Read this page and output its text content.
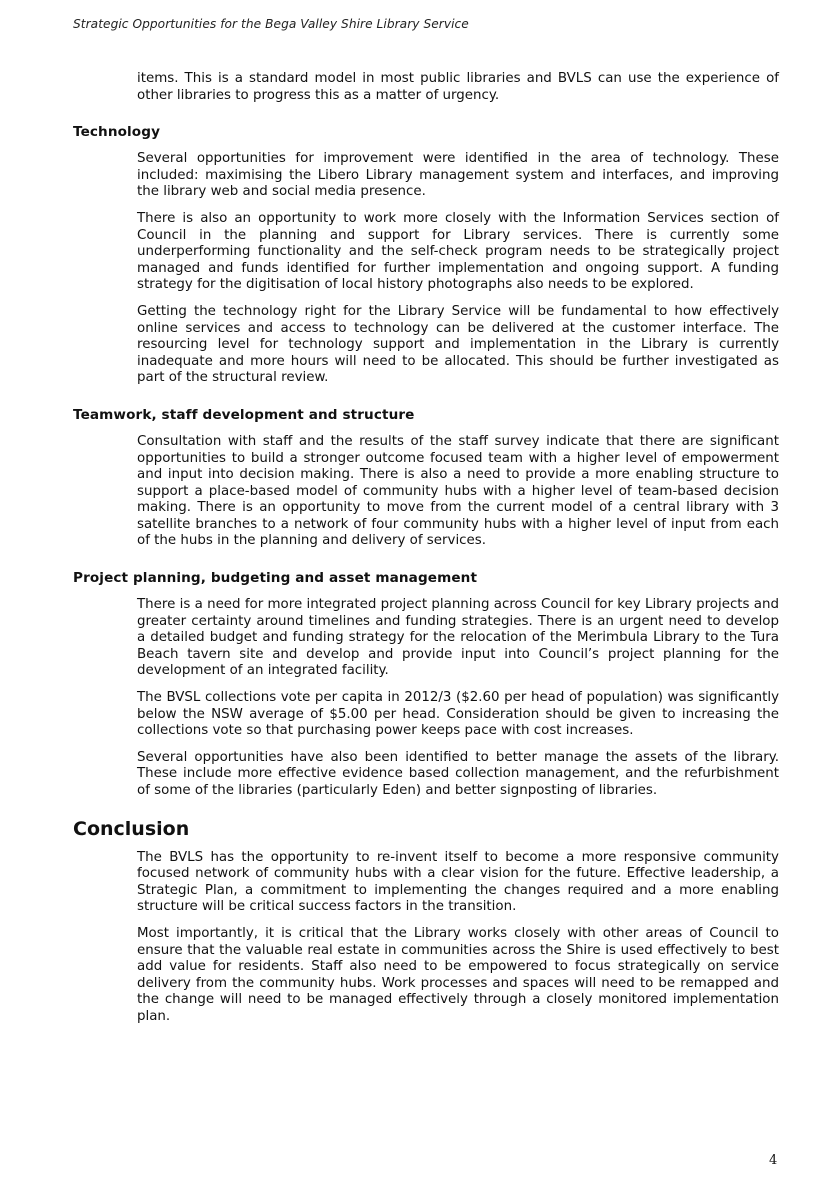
Strategic Opportunities for the Bega Valley Shire Library Service

items. This is a standard model in most public libraries and BVLS can use the experience of other libraries to progress this as a matter of urgency.

Technology

Several opportunities for improvement were identified in the area of technology. These included: maximising the Libero Library management system and interfaces, and improving the library web and social media presence.

There is also an opportunity to work more closely with the Information Services section of Council in the planning and support for Library services. There is currently some underperforming functionality and the self-check program needs to be strategically project managed and funds identified for further implementation and ongoing support. A funding strategy for the digitisation of local history photographs also needs to be explored.

Getting the technology right for the Library Service will be fundamental to how effectively online services and access to technology can be delivered at the customer interface. The resourcing level for technology support and implementation in the Library is currently inadequate and more hours will need to be allocated. This should be further investigated as part of the structural review.

Teamwork, staff development and structure

Consultation with staff and the results of the staff survey indicate that there are significant opportunities to build a stronger outcome focused team with a higher level of empowerment and input into decision making. There is also a need to provide a more enabling structure to support a place-based model of community hubs with a higher level of team-based decision making. There is an opportunity to move from the current model of a central library with 3 satellite branches to a network of four community hubs with a higher level of input from each of the hubs in the planning and delivery of services.

Project planning, budgeting and asset management

There is a need for more integrated project planning across Council for key Library projects and greater certainty around timelines and funding strategies. There is an urgent need to develop a detailed budget and funding strategy for the relocation of the Merimbula Library to the Tura Beach tavern site and develop and provide input into Council’s project planning for the development of an integrated facility.

The BVSL collections vote per capita in 2012/3 ($2.60 per head of population) was significantly below the NSW average of $5.00 per head. Consideration should be given to increasing the collections vote so that purchasing power keeps pace with cost increases.

Several opportunities have also been identified to better manage the assets of the library. These include more effective evidence based collection management, and the refurbishment of some of the libraries (particularly Eden) and better signposting of libraries.

Conclusion

The BVLS has the opportunity to re-invent itself to become a more responsive community focused network of community hubs with a clear vision for the future. Effective leadership, a Strategic Plan, a commitment to implementing the changes required and a more enabling structure will be critical success factors in the transition.

Most importantly, it is critical that the Library works closely with other areas of Council to ensure that the valuable real estate in communities across the Shire is used effectively to best add value for residents. Staff also need to be empowered to focus strategically on service delivery from the community hubs. Work processes and spaces will need to be remapped and the change will need to be managed effectively through a closely monitored implementation plan.

4
